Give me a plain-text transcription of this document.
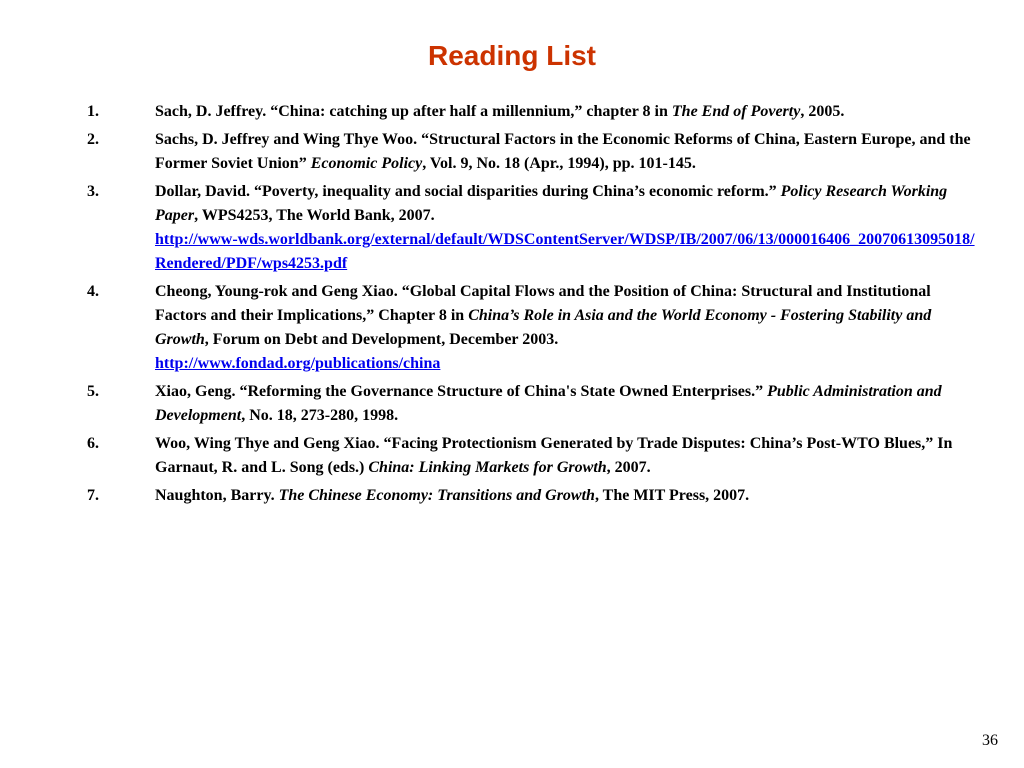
Reading List
1.	Sach, D. Jeffrey. “China: catching up after half a millennium,” chapter 8 in The End of Poverty, 2005.
2.	Sachs, D. Jeffrey and Wing Thye Woo. “Structural Factors in the Economic Reforms of China, Eastern Europe, and the Former Soviet Union” Economic Policy, Vol. 9, No. 18 (Apr., 1994), pp. 101-145.
3.	Dollar, David. “Poverty, inequality and social disparities during China’s economic reform.” Policy Research Working Paper, WPS4253, The World Bank, 2007.
http://www-wds.worldbank.org/external/default/WDSContentServer/WDSP/IB/2007/06/13/000016406_20070613095018/Rendered/PDF/wps4253.pdf
4.	Cheong, Young-rok and Geng Xiao. “Global Capital Flows and the Position of China: Structural and Institutional Factors and their Implications,” Chapter 8 in China’s Role in Asia and the World Economy - Fostering Stability and Growth, Forum on Debt and Development, December 2003.
http://www.fondad.org/publications/china
5.	Xiao, Geng. “Reforming the Governance Structure of China's State Owned Enterprises.” Public Administration and Development, No. 18, 273-280, 1998.
6.	Woo, Wing Thye and Geng Xiao. “Facing Protectionism Generated by Trade Disputes: China’s Post-WTO Blues,” In Garnaut, R. and L. Song (eds.) China: Linking Markets for Growth, 2007.
7.	Naughton, Barry. The Chinese Economy: Transitions and Growth, The MIT Press, 2007.
36
